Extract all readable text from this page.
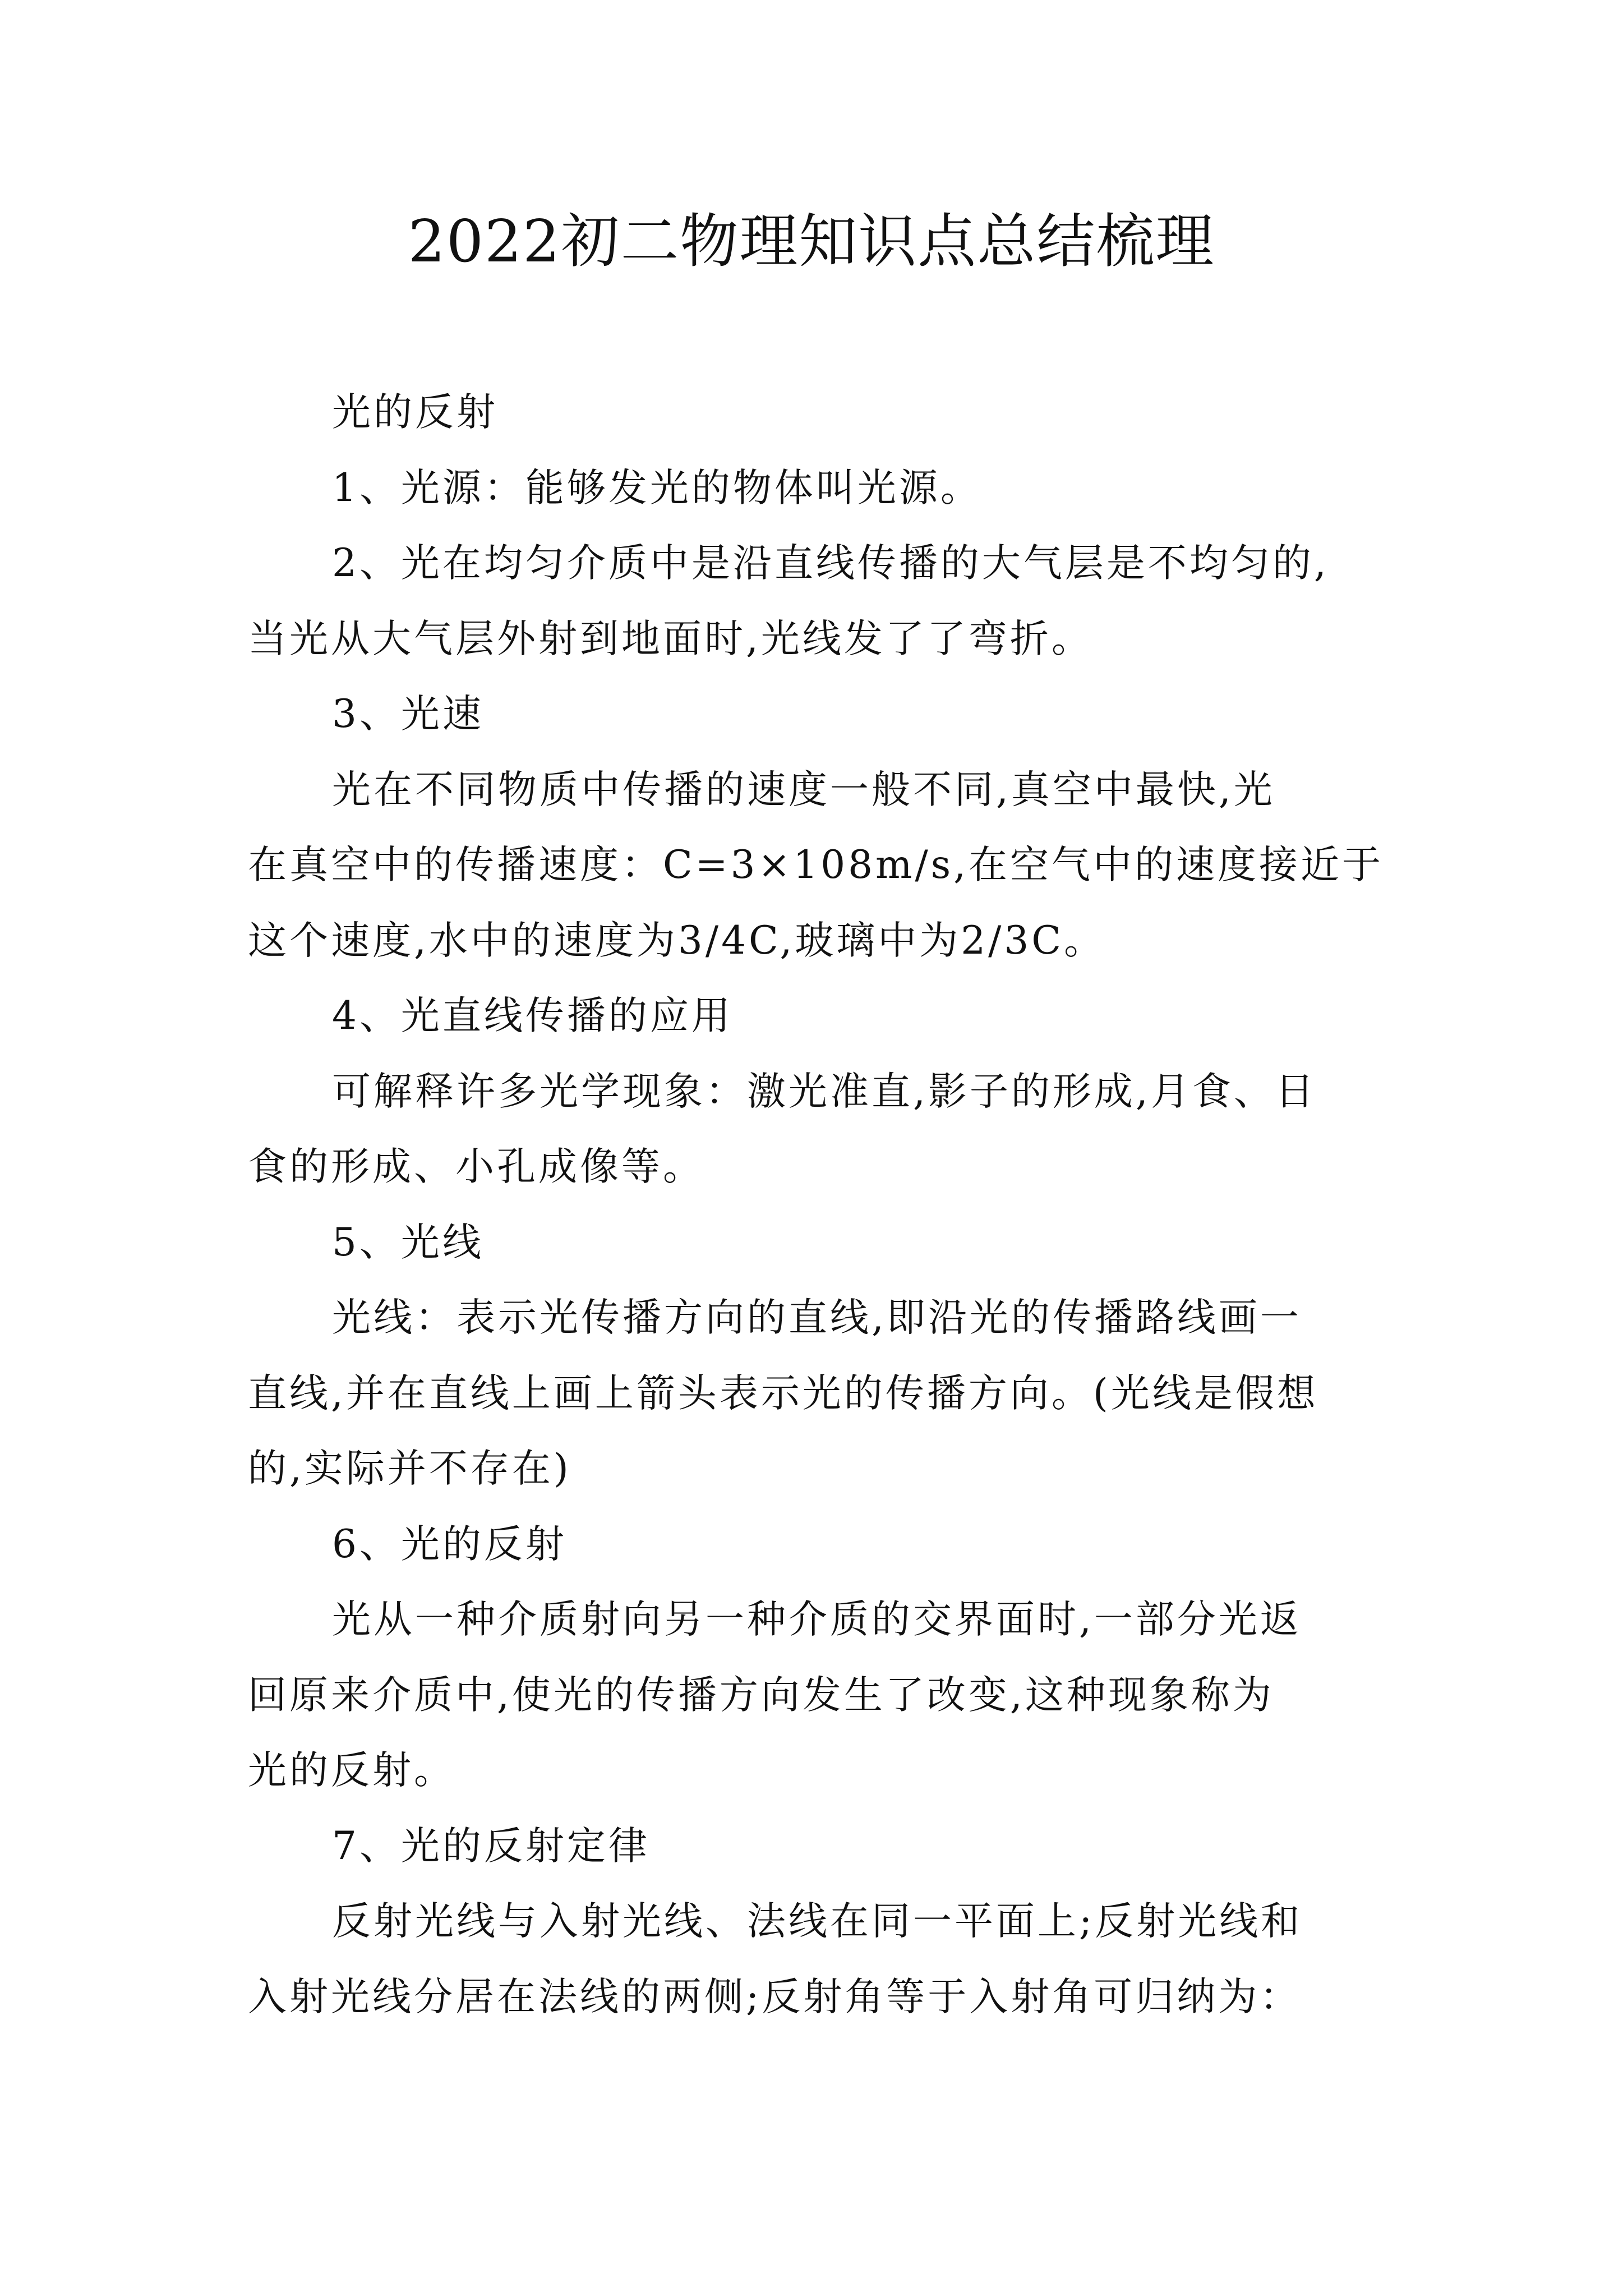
2022初二物理知识点总结梳理
光的反射
1、光源：能够发光的物体叫光源。
2、光在均匀介质中是沿直线传播的大气层是不均匀的,
当光从大气层外射到地面时,光线发了了弯折。
3、光速
光在不同物质中传播的速度一般不同,真空中最快,光
在真空中的传播速度：C=3×108m/s,在空气中的速度接近于
这个速度,水中的速度为3/4C,玻璃中为2/3C。
4、光直线传播的应用
可解释许多光学现象：激光准直,影子的形成,月食、日
食的形成、小孔成像等。
5、光线
光线：表示光传播方向的直线,即沿光的传播路线画一
直线,并在直线上画上箭头表示光的传播方向。(光线是假想
的,实际并不存在)
6、光的反射
光从一种介质射向另一种介质的交界面时,一部分光返
回原来介质中,使光的传播方向发生了改变,这种现象称为
光的反射。
7、光的反射定律
反射光线与入射光线、法线在同一平面上;反射光线和
入射光线分居在法线的两侧;反射角等于入射角可归纳为：
